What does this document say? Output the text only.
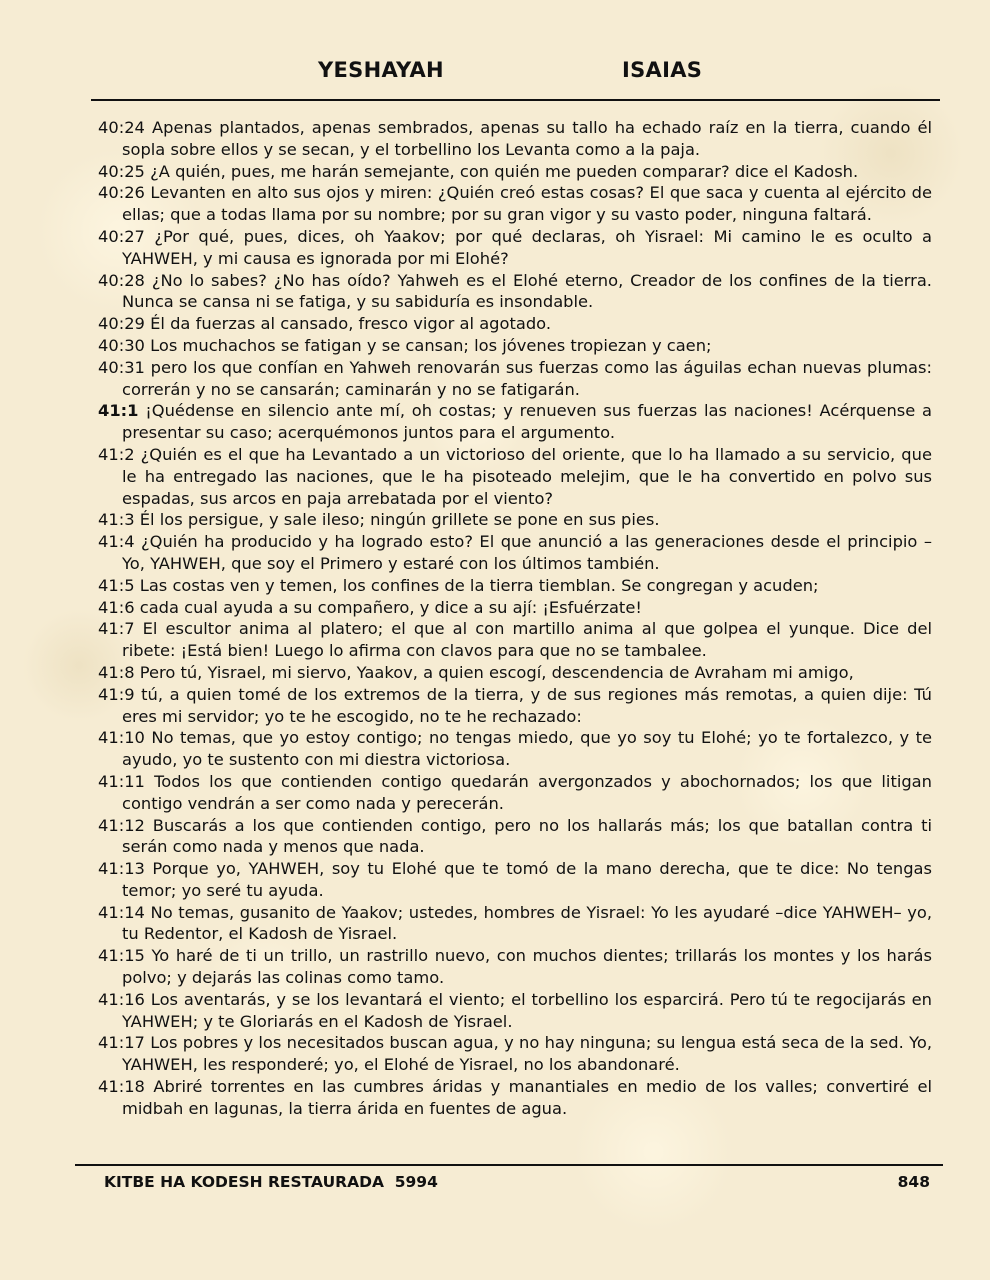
YESHAYAH	ISAIAS

40:24 Apenas plantados, apenas sembrados, apenas su tallo ha echado raíz en la tierra, cuando él sopla sobre ellos y se secan, y el torbellino los Levanta como a la paja.

40:25 ¿A quién, pues, me harán semejante, con quién me pueden comparar? dice el Kadosh.

40:26 Levanten en alto sus ojos y miren: ¿Quién creó estas cosas? El que saca y cuenta al ejército de ellas; que a todas llama por su nombre; por su gran vigor y su vasto poder, ninguna faltará.

40:27 ¿Por qué, pues, dices, oh Yaakov; por qué declaras, oh Yisrael: Mi camino le es oculto a YAHWEH, y mi causa es ignorada por mi Elohé?

40:28 ¿No lo sabes? ¿No has oído? Yahweh es el Elohé eterno, Creador de los confines de la tierra. Nunca se cansa ni se fatiga, y su sabiduría es insondable.

40:29 Él da fuerzas al cansado, fresco vigor al agotado.

40:30 Los muchachos se fatigan y se cansan; los jóvenes tropiezan y caen;

40:31 pero los que confían en Yahweh renovarán sus fuerzas como las águilas echan nuevas plumas: correrán y no se cansarán; caminarán y no se fatigarán.

41:1 ¡Quédense en silencio ante mí, oh costas; y renueven sus fuerzas las naciones! Acérquense a presentar su caso; acerquémonos juntos para el argumento.

41:2 ¿Quién es el que ha Levantado a un victorioso del oriente, que lo ha llamado a su servicio, que le ha entregado las naciones, que le ha pisoteado melejim, que le ha convertido en polvo sus espadas, sus arcos en paja arrebatada por el viento?

41:3 Él los persigue, y sale ileso; ningún grillete se pone en sus pies.

41:4 ¿Quién ha producido y ha logrado esto? El que anunció a las generaciones desde el principio – Yo, YAHWEH, que soy el Primero y estaré con los últimos también.

41:5 Las costas ven y temen, los confines de la tierra tiemblan. Se congregan y acuden;

41:6 cada cual ayuda a su compañero, y dice a su ají: ¡Esfuérzate!

41:7 El escultor anima al platero; el que al con martillo anima al que golpea el yunque. Dice del ribete: ¡Está bien! Luego lo afirma con clavos para que no se tambalee.

41:8 Pero tú, Yisrael, mi siervo, Yaakov, a quien escogí, descendencia de Avraham mi amigo,

41:9 tú, a quien tomé de los extremos de la tierra, y de sus regiones más remotas, a quien dije: Tú eres mi servidor; yo te he escogido, no te he rechazado:

41:10 No temas, que yo estoy contigo; no tengas miedo, que yo soy tu Elohé; yo te fortalezco, y te ayudo, yo te sustento con mi diestra victoriosa.

41:11 Todos los que contienden contigo quedarán avergonzados y abochornados; los que litigan contigo vendrán a ser como nada y perecerán.

41:12 Buscarás a los que contienden contigo, pero no los hallarás más; los que batallan contra ti serán como nada y menos que nada.

41:13 Porque yo, YAHWEH, soy tu Elohé que te tomó de la mano derecha, que te dice: No tengas temor; yo seré tu ayuda.

41:14 No temas, gusanito de Yaakov; ustedes, hombres de Yisrael: Yo les ayudaré –dice YAHWEH– yo, tu Redentor, el Kadosh de Yisrael.

41:15 Yo haré de ti un trillo, un rastrillo nuevo, con muchos dientes; trillarás los montes y los harás polvo; y dejarás las colinas como tamo.

41:16 Los aventarás, y se los levantará el viento; el torbellino los esparcirá. Pero tú te regocijarás en YAHWEH; y te Gloriarás en el Kadosh de Yisrael.

41:17 Los pobres y los necesitados buscan agua, y no hay ninguna; su lengua está seca de la sed. Yo, YAHWEH, les responderé; yo, el Elohé de Yisrael, no los abandonaré.

41:18 Abriré torrentes en las cumbres áridas y manantiales en medio de los valles; convertiré el midbah en lagunas, la tierra árida en fuentes de agua.

KITBE HA KODESH RESTAURADA  5994	848
